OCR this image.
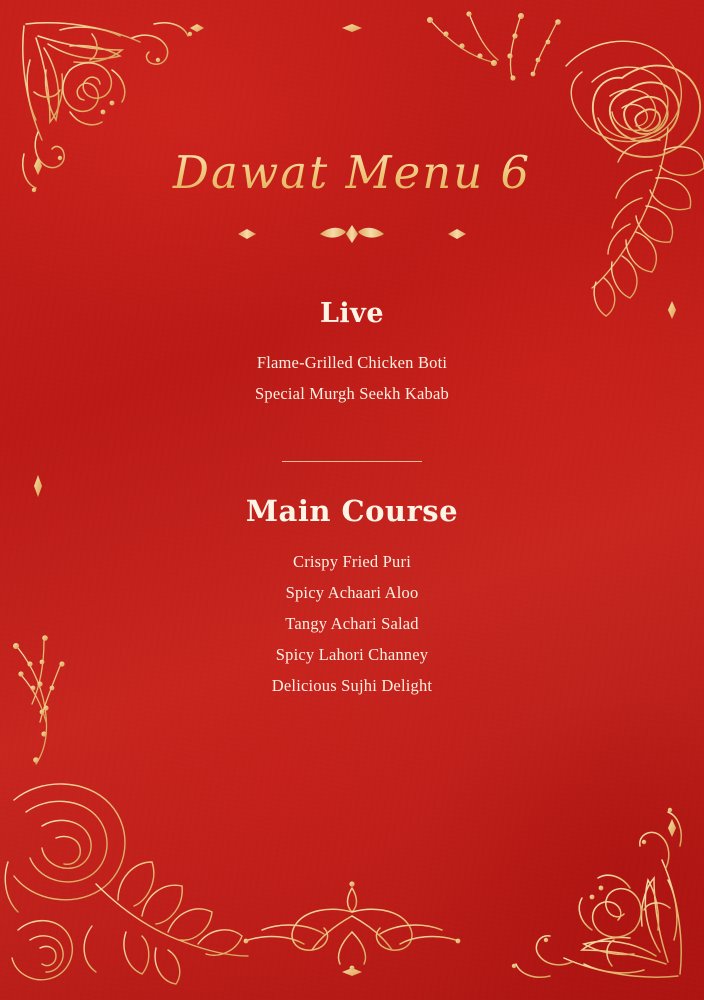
Dawat Menu 6
Live
Flame-Grilled Chicken Boti
Special Murgh Seekh Kabab
Main Course
Crispy Fried Puri
Spicy Achaari Aloo
Tangy Achari Salad
Spicy Lahori Channey
Delicious Sujhi Delight
